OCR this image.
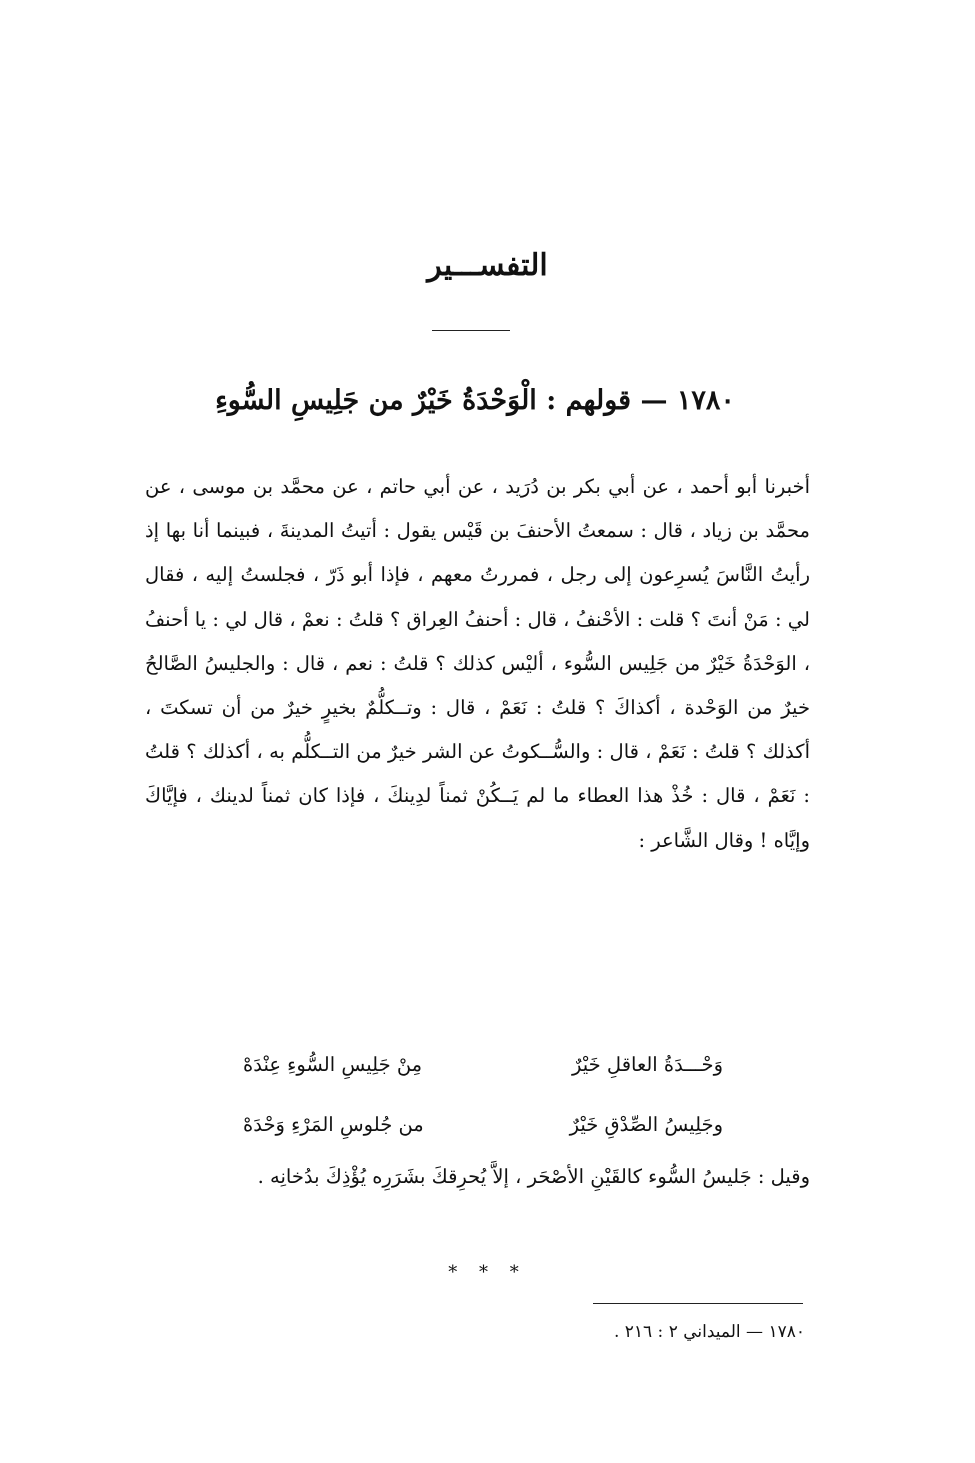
التفســـير
١٧٨٠ — قولهم : الْوَحْدَةُ خَيْرٌ من جَلِيسِ السُّوءِ

أخبرنا أبو أحمد ، عن أبي بكر بن دُرَيد ، عن أبي حاتم ، عن محمَّد بن موسى ، عن محمَّد بن زياد ، قال : سمعتُ الأحنفَ بن قَيْس يقول : أتيتُ المدينةَ ، فبينما أنا بها إذ رأيتُ النَّاسَ يُسرِعون إلى رجل ، فمررتُ معهم ، فإذا أبو ذَرّ ، فجلستُ إليه ، فقال لي : مَنْ أنتَ ؟ قلت : الأحْنفُ ، قال : أحنفُ العِراق ؟ قلتُ : نعمْ ، قال لي : يا أحنفُ ، الوَحْدَةُ خَيْرٌ من جَلِيس السُّوء ، أليْس كذلك ؟ قلتُ : نعم ، قال : والجليسُ الصَّالحُ خيرٌ من الوَحْدة ، أكذاكَ ؟ قلتُ : نَعَمْ ، قال : وتــكلُّمٌ بخيرٍ خيرٌ من أن تسكتَ ، أكذلك ؟ قلتُ : نَعَمْ ، قال : والسُّــكوتُ عن الشر خيرٌ من التــكلُّم به ، أكذلك ؟ قلتُ : نَعَمْ ، قال : خُذْ هذا العطاء ما لم يَــكُنْ ثمناً لدِينكَ ، فإذا كان ثمناً لدينك ، فإيَّاكَ وإيَّاه ! وقال الشَّاعر :

وَحْـــدَةُ العاقلِ خَيْرٌ
مِنْ جَلِيسِ السُّوءِ عِنْدَهْ
وجَلِيسُ الصِّدْقِ خَيْرٌ
من جُلوسِ المَرْءِ وَحْدَهْ

وقيل : جَليسُ السُّوء كالقَيْنِ الأصْحَر ، إلاَّ يُحرِقكَ بشَرَرِه يُؤْذِكَ بدُخانِه .

* * *

١٧٨٠ — الميداني ٢ : ٢١٦ .
